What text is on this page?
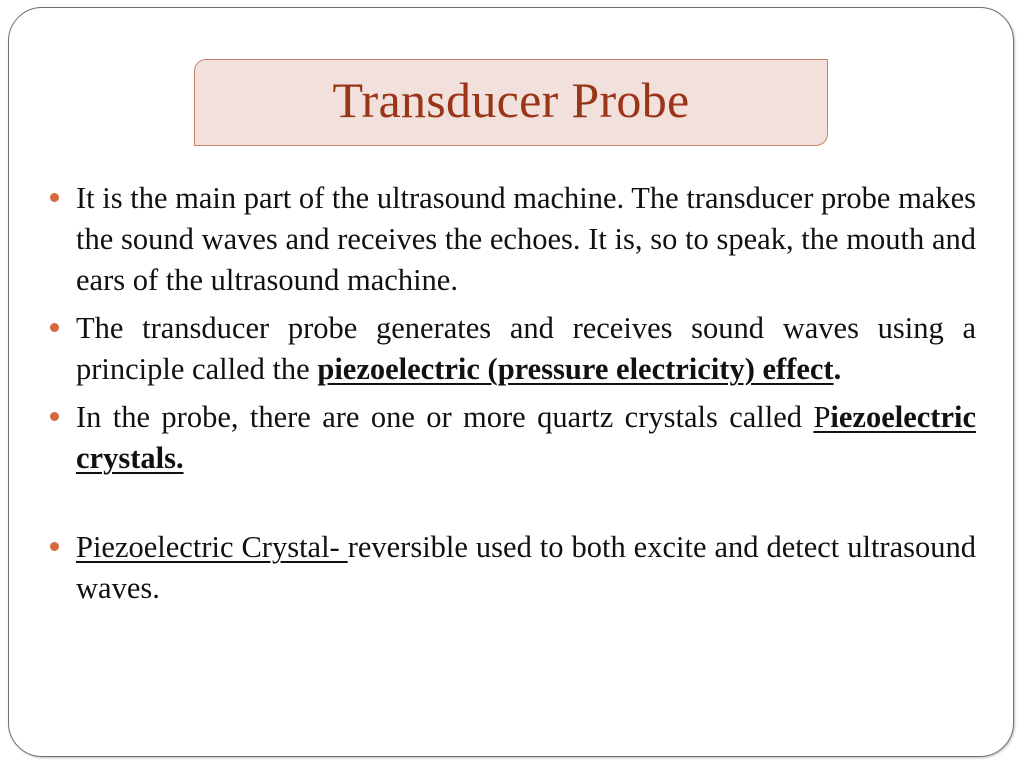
Transducer Probe
It is the main part of the ultrasound machine. The transducer probe makes the sound waves and receives the echoes. It is, so to speak, the mouth and ears of the ultrasound machine.
The transducer probe generates and receives sound waves using a principle called the piezoelectric (pressure electricity) effect.
In the probe, there are one or more quartz crystals called Piezoelectric crystals.
Piezoelectric Crystal- reversible used to both excite and detect ultrasound waves.
